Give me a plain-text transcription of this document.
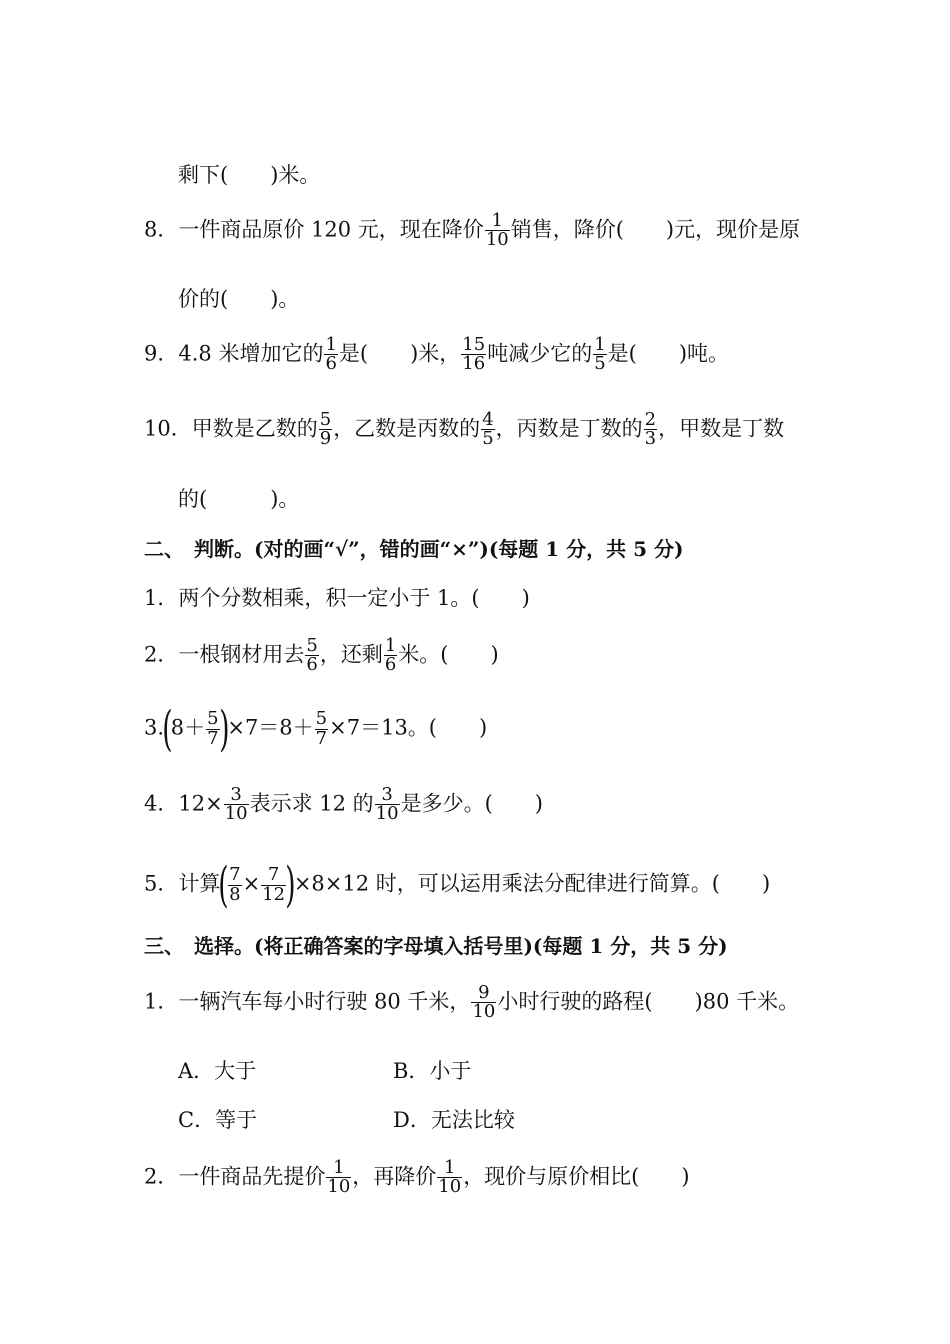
剩下(　　)米。
8．一件商品原价 120 元，现在降价 $\frac{1}{10}$ 销售，降价(　　)元，现价是原
价的(　　)。
9．4.8 米增加它的 $\frac{1}{6}$ 是(　　)米， $\frac{15}{16}$ 吨减少它的 $\frac{1}{5}$ 是(　　)吨。
10．甲数是乙数的 $\frac{5}{9}$ ，乙数是丙数的 $\frac{4}{5}$ ，丙数是丁数的 $\frac{2}{3}$ ，甲数是丁数
的(　　　)。
二、　判断。(对的画“√”，错的画“×”)(每题 1 分，共 5 分)
1．两个分数相乘，积一定小于 1。(　　)
2．一根钢材用去 $\frac{5}{6}$ ，还剩 $\frac{1}{6}$ 米。(　　)
$3.(8+ \frac{5}{7} )\times 7=8+ \frac{5}{7} \times 7=13$。(　　)
4．$12\times \frac{3}{10}$ 表示求 12 的 $\frac{3}{10}$ 是多少。(　　)
5．计算( $\frac{7}{8} \times \frac{7}{12} )\times 8\times 12$ 时，可以运用乘法分配律进行简算。(　　)
三、　选择。(将正确答案的字母填入括号里)(每题 1 分，共 5 分)
1．一辆汽车每小时行驶 80 千米， $\frac{9}{10}$ 小时行驶的路程(　　)80 千米。
A．大于	B．小于
C．等于	D．无法比较
2．一件商品先提价 $\frac{1}{10}$ ，再降价 $\frac{1}{10}$ ，现价与原价相比(　　)
